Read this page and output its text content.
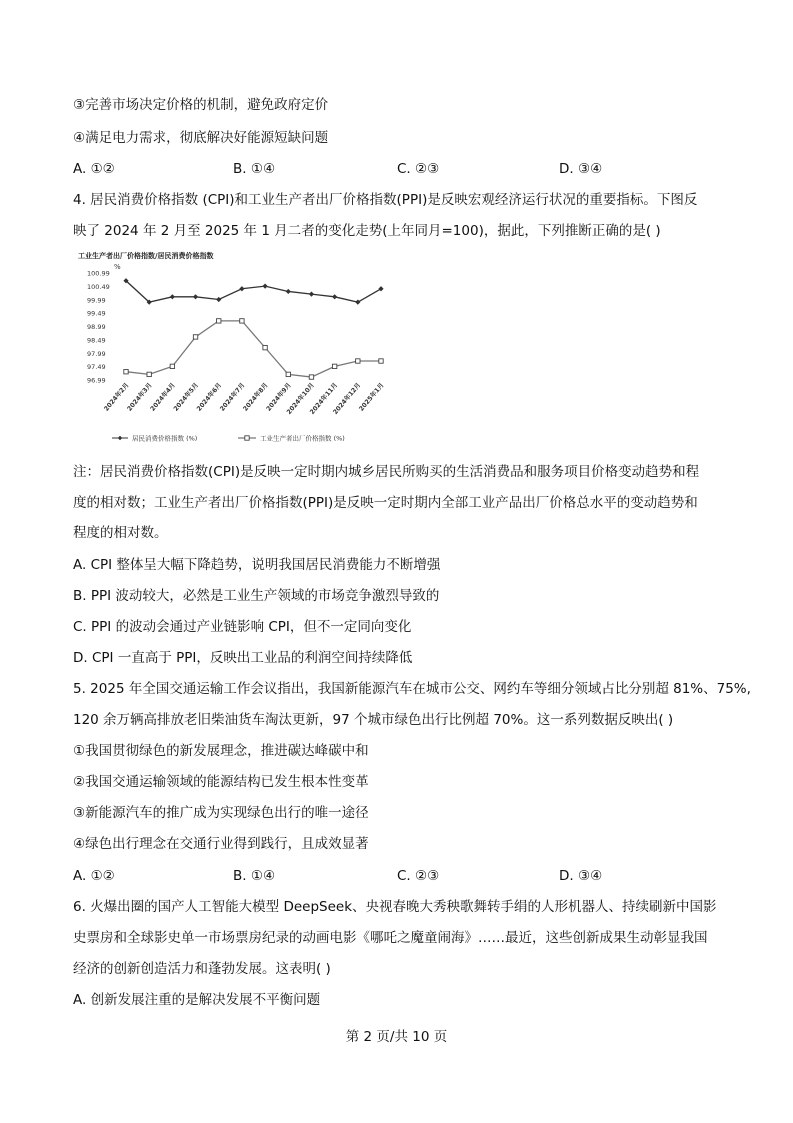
③完善市场决定价格的机制，避免政府定价
④满足电力需求，彻底解决好能源短缺问题
A. ①②	B. ①④	C. ②③	D. ③④
4. 居民消费价格指数 (CPI)和工业生产者出厂价格指数(PPI)是反映宏观经济运行状况的重要指标。下图反
映了 2024 年 2 月至 2025 年 1 月二者的变化走势(上年同月=100)，据此，下列推断正确的是( )
工业生产者出厂价格指数/居民消费价格指数
%
100.99
100.49
99.99
99.49
98.99
98.49
97.99
97.49
96.99
2024年2月
2024年3月
2024年4月
2024年5月
2024年6月
2024年7月
2024年8月
2024年9月
2024年10月
2024年11月
2024年12月
2025年1月
居民消费价格指数 (%)	工业生产者出厂价格指数 (%)
注：居民消费价格指数(CPI)是反映一定时期内城乡居民所购买的生活消费品和服务项目价格变动趋势和程
度的相对数；工业生产者出厂价格指数(PPI)是反映一定时期内全部工业产品出厂价格总水平的变动趋势和
程度的相对数。
A. CPI 整体呈大幅下降趋势，说明我国居民消费能力不断增强
B. PPI 波动较大，必然是工业生产领域的市场竞争激烈导致的
C. PPI 的波动会通过产业链影响 CPI，但不一定同向变化
D. CPI 一直高于 PPI，反映出工业品的利润空间持续降低
5. 2025 年全国交通运输工作会议指出，我国新能源汽车在城市公交、网约车等细分领域占比分别超 81%、75%,
120 余万辆高排放老旧柴油货车淘汰更新，97 个城市绿色出行比例超 70%。这一系列数据反映出( )
①我国贯彻绿色的新发展理念，推进碳达峰碳中和
②我国交通运输领域的能源结构已发生根本性变革
③新能源汽车的推广成为实现绿色出行的唯一途径
④绿色出行理念在交通行业得到践行，且成效显著
A. ①②	B. ①④	C. ②③	D. ③④
6. 火爆出圈的国产人工智能大模型 DeepSeek、央视春晚大秀秧歌舞转手绢的人形机器人、持续刷新中国影
史票房和全球影史单一市场票房纪录的动画电影《哪吒之魔童闹海》……最近，这些创新成果生动彰显我国
经济的创新创造活力和蓬勃发展。这表明( )
A. 创新发展注重的是解决发展不平衡问题
第 2 页/共 10 页
